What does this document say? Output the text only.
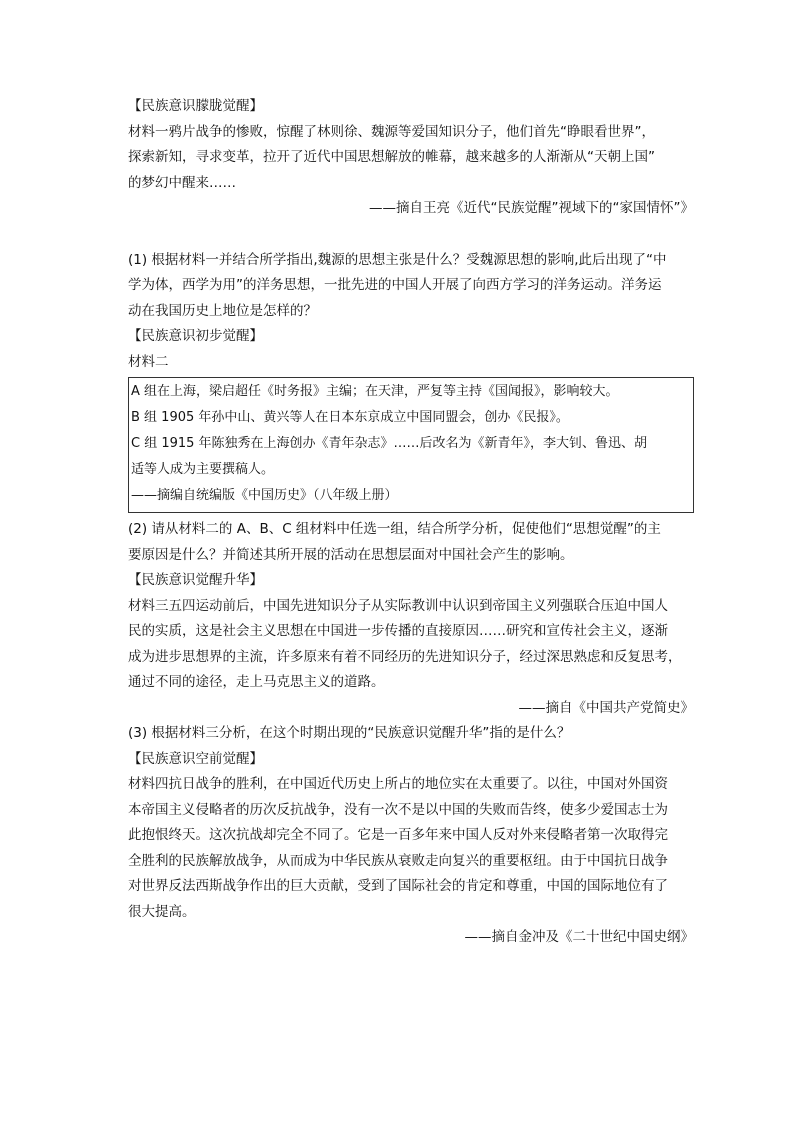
【民族意识朦胧觉醒】
材料一鸦片战争的惨败，惊醒了林则徐、魏源等爱国知识分子，他们首先“睁眼看世界”，
探索新知，寻求变革，拉开了近代中国思想解放的帷幕，越来越多的人渐渐从“天朝上国”
的梦幻中醒来……
——摘自王亮《近代“民族觉醒”视域下的“家国情怀”》
(1) 根据材料一并结合所学指出,魏源的思想主张是什么？受魏源思想的影响,此后出现了“中
学为体，西学为用”的洋务思想，一批先进的中国人开展了向西方学习的洋务运动。洋务运
动在我国历史上地位是怎样的？
【民族意识初步觉醒】
材料二
A 组在上海，梁启超任《时务报》主编；在天津，严复等主持《国闻报》，影响较大。
B 组 1905 年孙中山、黄兴等人在日本东京成立中国同盟会，创办《民报》。
C 组 1915 年陈独秀在上海创办《青年杂志》……后改名为《新青年》，李大钊、鲁迅、胡
适等人成为主要撰稿人。
——摘编自统编版《中国历史》（八年级上册）
(2) 请从材料二的 A、B、C 组材料中任选一组，结合所学分析，促使他们“思想觉醒”的主
要原因是什么？并简述其所开展的活动在思想层面对中国社会产生的影响。
【民族意识觉醒升华】
材料三五四运动前后，中国先进知识分子从实际教训中认识到帝国主义列强联合压迫中国人
民的实质，这是社会主义思想在中国进一步传播的直接原因……研究和宣传社会主义，逐渐
成为进步思想界的主流，许多原来有着不同经历的先进知识分子，经过深思熟虑和反复思考，
通过不同的途径，走上马克思主义的道路。
——摘自《中国共产党简史》
(3) 根据材料三分析，在这个时期出现的“民族意识觉醒升华”指的是什么？
【民族意识空前觉醒】
材料四抗日战争的胜利，在中国近代历史上所占的地位实在太重要了。以往，中国对外国资
本帝国主义侵略者的历次反抗战争，没有一次不是以中国的失败而告终，使多少爱国志士为
此抱恨终天。这次抗战却完全不同了。它是一百多年来中国人反对外来侵略者第一次取得完
全胜利的民族解放战争，从而成为中华民族从衰败走向复兴的重要枢纽。由于中国抗日战争
对世界反法西斯战争作出的巨大贡献，受到了国际社会的肯定和尊重，中国的国际地位有了
很大提高。
——摘自金冲及《二十世纪中国史纲》
